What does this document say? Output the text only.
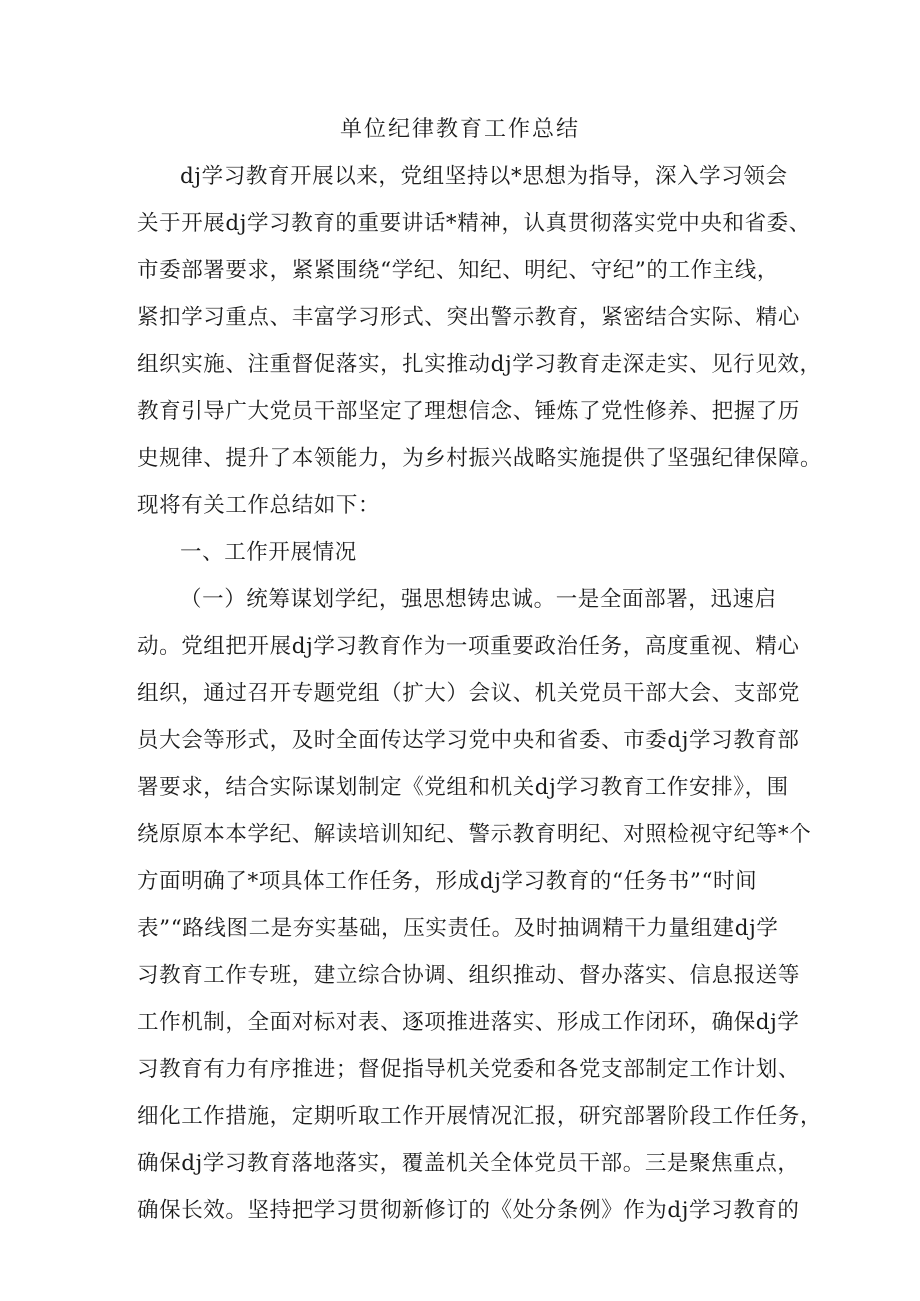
单位纪律教育工作总结
dj学习教育开展以来，党组坚持以*思想为指导，深入学习领会
关于开展dj学习教育的重要讲话*精神，认真贯彻落实党中央和省委、
市委部署要求，紧紧围绕“学纪、知纪、明纪、守纪”的工作主线，
紧扣学习重点、丰富学习形式、突出警示教育，紧密结合实际、精心
组织实施、注重督促落实，扎实推动dj学习教育走深走实、见行见效，
教育引导广大党员干部坚定了理想信念、锤炼了党性修养、把握了历
史规律、提升了本领能力，为乡村振兴战略实施提供了坚强纪律保障。
现将有关工作总结如下：
一、工作开展情况
（一）统筹谋划学纪，强思想铸忠诚。一是全面部署，迅速启
动。党组把开展dj学习教育作为一项重要政治任务，高度重视、精心
组织，通过召开专题党组（扩大）会议、机关党员干部大会、支部党
员大会等形式，及时全面传达学习党中央和省委、市委dj学习教育部
署要求，结合实际谋划制定《党组和机关dj学习教育工作安排》，围
绕原原本本学纪、解读培训知纪、警示教育明纪、对照检视守纪等*个
方面明确了*项具体工作任务，形成dj学习教育的“任务书”“时间
表”“路线图二是夯实基础，压实责任。及时抽调精干力量组建dj学
习教育工作专班，建立综合协调、组织推动、督办落实、信息报送等
工作机制，全面对标对表、逐项推进落实、形成工作闭环，确保dj学
习教育有力有序推进；督促指导机关党委和各党支部制定工作计划、
细化工作措施，定期听取工作开展情况汇报，研究部署阶段工作任务，
确保dj学习教育落地落实，覆盖机关全体党员干部。三是聚焦重点，
确保长效。坚持把学习贯彻新修订的《处分条例》作为dj学习教育的
